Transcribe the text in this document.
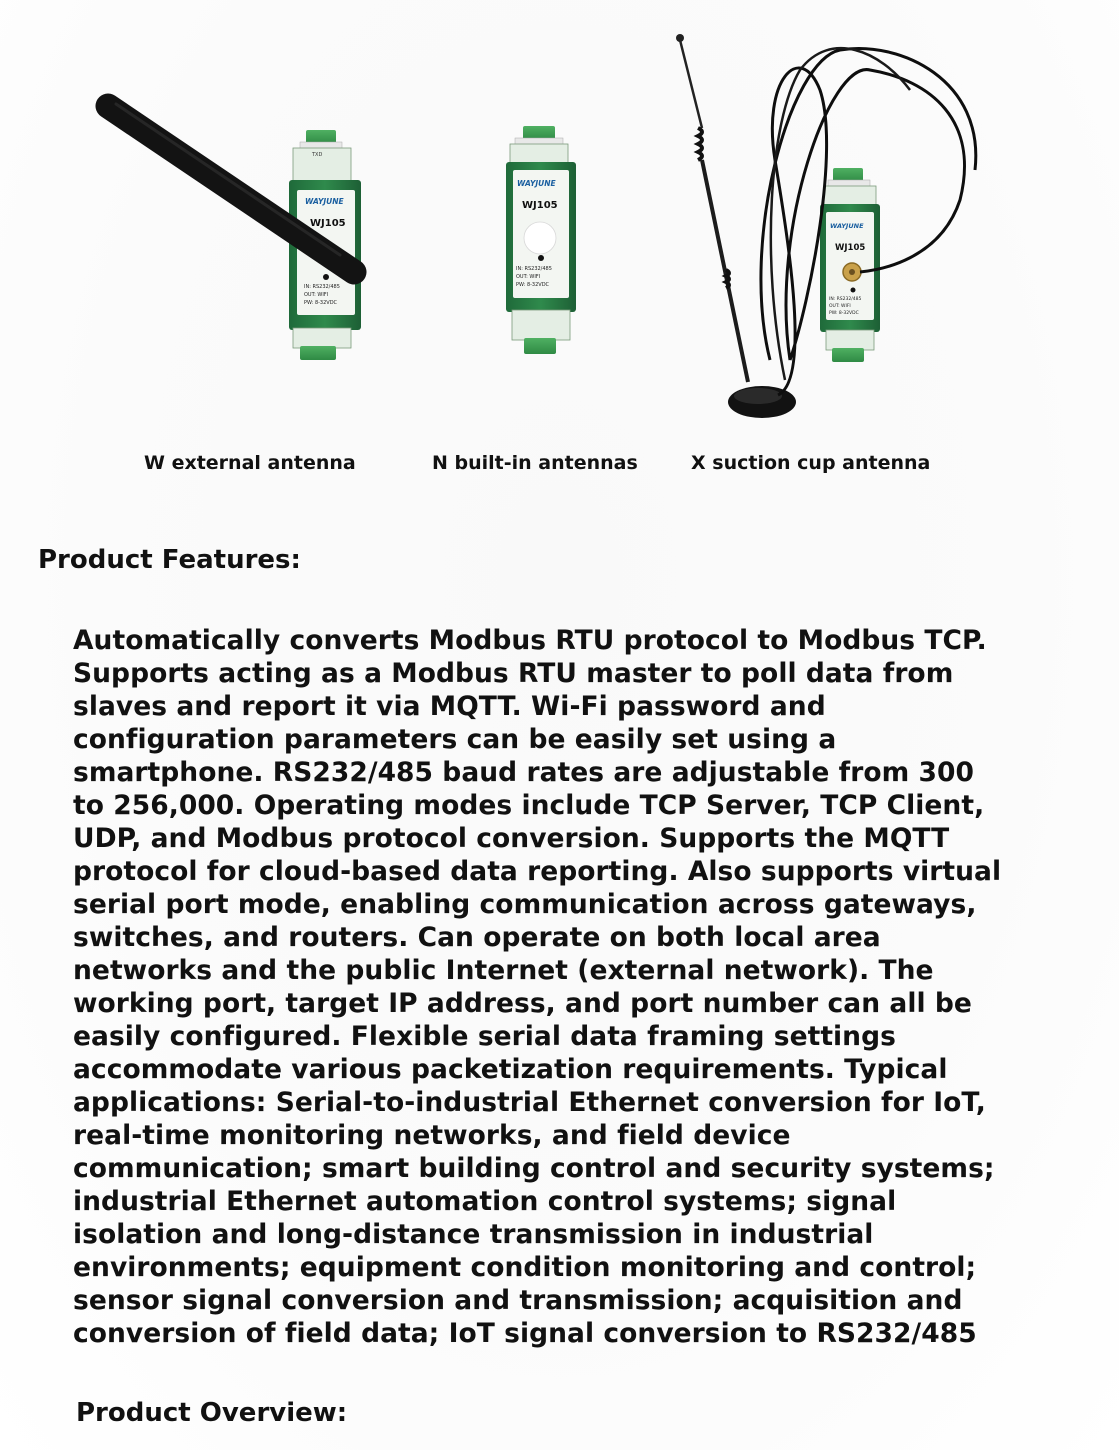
TXD
WAYJUNE
WJ105
IN: RS232/485
OUT: WIFI
PW: 8-32VDC
WAYJUNE
WJ105
IN: RS232/485
OUT: WIFI
PW: 8-32VDC
WAYJUNE
WJ105
IN: RS232/485
OUT: WIFI
PW: 8-32VDC
W external antenna	N built-in antennas	X suction cup antenna
Product Features:
Automatically converts Modbus RTU protocol to Modbus TCP.
Supports acting as a Modbus RTU master to poll data from
slaves and report it via MQTT. Wi-Fi password and
configuration parameters can be easily set using a
smartphone. RS232/485 baud rates are adjustable from 300
to 256,000. Operating modes include TCP Server, TCP Client,
UDP, and Modbus protocol conversion. Supports the MQTT
protocol for cloud-based data reporting. Also supports virtual
serial port mode, enabling communication across gateways,
switches, and routers. Can operate on both local area
networks and the public Internet (external network). The
working port, target IP address, and port number can all be
easily configured. Flexible serial data framing settings
accommodate various packetization requirements. Typical
applications: Serial-to-industrial Ethernet conversion for IoT,
real-time monitoring networks, and field device
communication; smart building control and security systems;
industrial Ethernet automation control systems; signal
isolation and long-distance transmission in industrial
environments; equipment condition monitoring and control;
sensor signal conversion and transmission; acquisition and
conversion of field data; IoT signal conversion to RS232/485
Product Overview:
